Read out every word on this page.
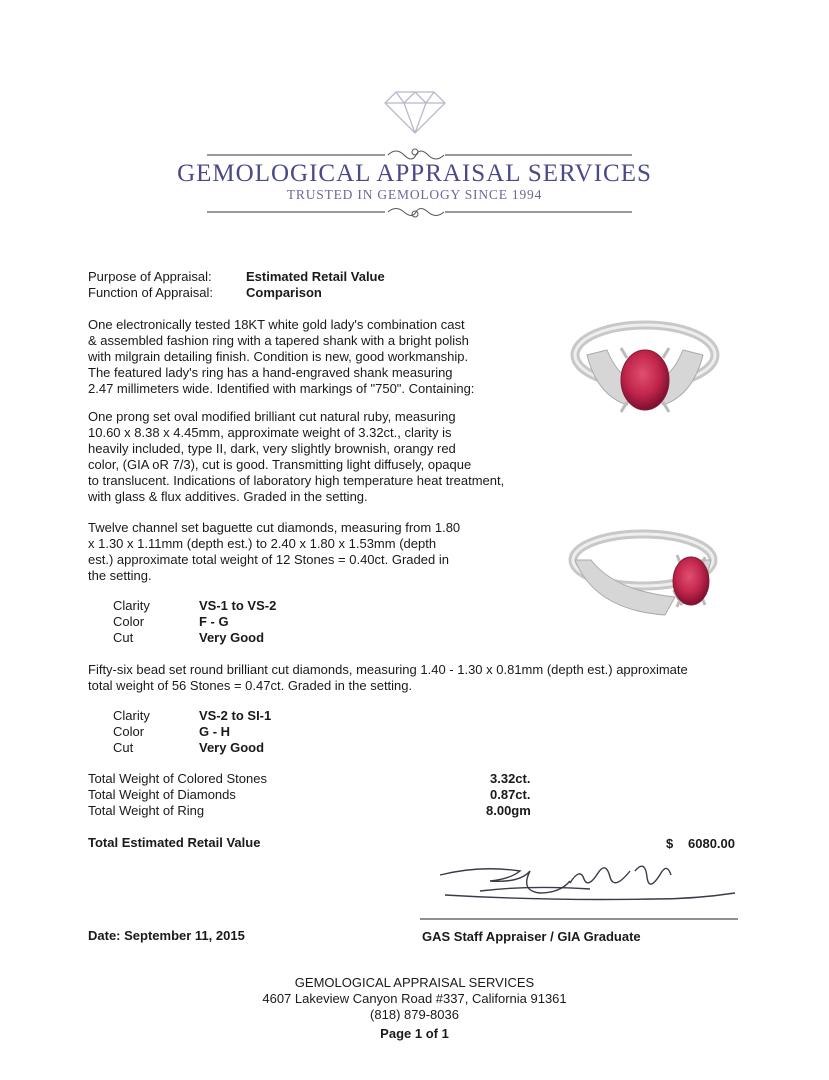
GEMOLOGICAL APPRAISAL SERVICES
TRUSTED IN GEMOLOGY SINCE 1994
Purpose of Appraisal:	Estimated Retail Value
Function of Appraisal:	Comparison
One electronically tested 18KT white gold lady's combination cast
& assembled fashion ring with a tapered shank with a bright polish
with milgrain detailing finish. Condition is new, good workmanship.
The featured lady's ring has a hand-engraved shank measuring
2.47 millimeters wide. Identified with markings of "750". Containing:
One prong set oval modified brilliant cut natural ruby, measuring
10.60 x 8.38 x 4.45mm, approximate weight of 3.32ct., clarity is
heavily included, type II, dark, very slightly brownish, orangy red
color, (GIA oR 7/3), cut is good. Transmitting light diffusely, opaque
to translucent. Indications of laboratory high temperature heat treatment,
with glass & flux additives. Graded in the setting.
Twelve channel set baguette cut diamonds, measuring from 1.80
x 1.30 x 1.11mm (depth est.) to 2.40 x 1.80 x 1.53mm (depth
est.) approximate total weight of 12 Stones = 0.40ct. Graded in
the setting.
Clarity	VS-1 to VS-2
Color	F - G
Cut	Very Good
Fifty-six bead set round brilliant cut diamonds, measuring 1.40 - 1.30 x 0.81mm (depth est.) approximate
total weight of 56 Stones = 0.47ct. Graded in the setting.
Clarity	VS-2 to SI-1
Color	G - H
Cut	Very Good
Total Weight of Colored Stones	3.32ct.
Total Weight of Diamonds	0.87ct.
Total Weight of Ring	8.00gm
Total Estimated Retail Value	$ 6080.00
Date: September 11, 2015	GAS Staff Appraiser / GIA Graduate
GEMOLOGICAL APPRAISAL SERVICES
4607 Lakeview Canyon Road #337, California 91361
(818) 879-8036
Page 1 of 1
